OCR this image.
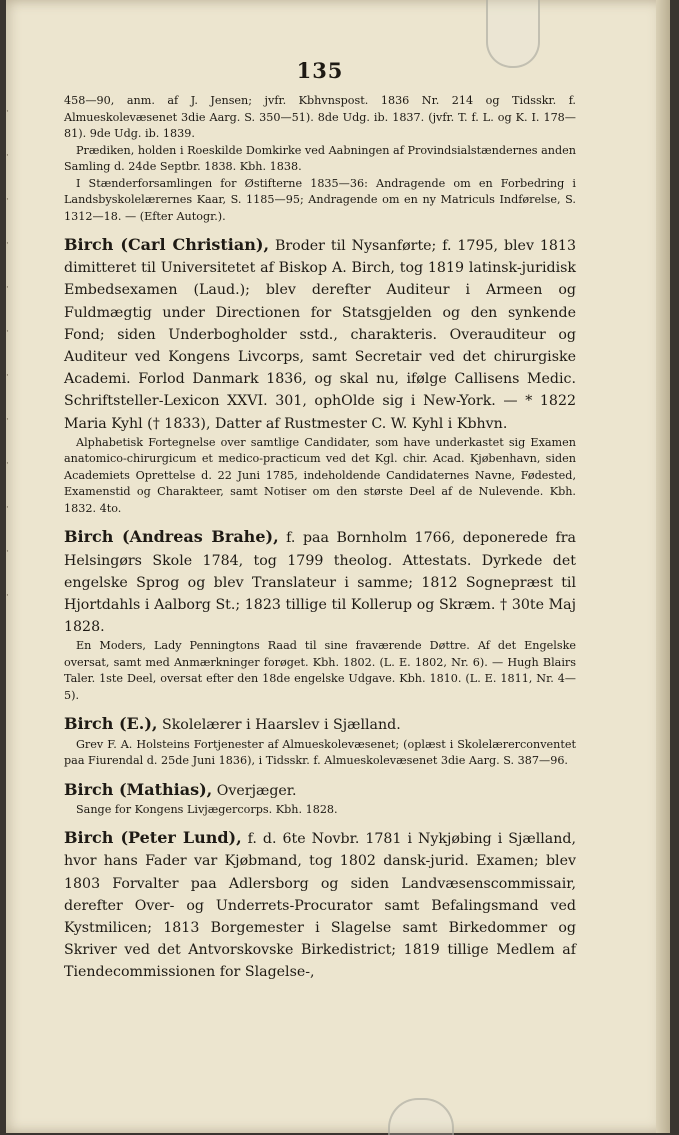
· · · · · · · · · · · ·
135

458—90, anm. af J. Jensen; jvfr. Kbhvnspost. 1836 Nr. 214 og Tidsskr. f. Almueskolevæsenet 3die Aarg. S. 350—51). 8de Udg. ib. 1837. (jvfr. T. f. L. og K. I. 178—81). 9de Udg. ib. 1839.

Prædiken, holden i Roeskilde Domkirke ved Aabningen af Provindsialstændernes anden Samling d. 24de Septbr. 1838. Kbh. 1838.

I Stænderforsamlingen for Østifterne 1835—36: Andragende om en Forbedring i Landsbyskolelærernes Kaar, S. 1185—95; Andragende om en ny Matriculs Indførelse, S. 1312—18. — (Efter Autogr.).

Birch (Carl Christian), Broder til Nysanførte; f. 1795, blev 1813 dimitteret til Universitetet af Biskop A. Birch, tog 1819 latinsk-juridisk Embedsexamen (Laud.); blev derefter Auditeur i Armeen og Fuldmægtig under Directionen for Statsgjelden og den synkende Fond; siden Underbogholder sstd., charakteris. Overauditeur og Auditeur ved Kongens Livcorps, samt Secretair ved det chirurgiske Academi. Forlod Danmark 1836, og skal nu, ifølge Callisens Medic. Schriftsteller-Lexicon XXVI. 301, ophOlde sig i New-York. — * 1822 Maria Kyhl († 1833), Datter af Rustmester C. W. Kyhl i Kbhvn.

Alphabetisk Fortegnelse over samtlige Candidater, som have underkastet sig Examen anatomico-chirurgicum et medico-practicum ved det Kgl. chir. Acad. Kjøbenhavn, siden Academiets Oprettelse d. 22 Juni 1785, indeholdende Candidaternes Navne, Fødested, Examenstid og Charakteer, samt Notiser om den største Deel af de Nulevende. Kbh. 1832. 4to.

Birch (Andreas Brahe), f. paa Bornholm 1766, deponerede fra Helsingørs Skole 1784, tog 1799 theolog. Attestats. Dyrkede det engelske Sprog og blev Translateur i samme; 1812 Sognepræst til Hjortdahls i Aalborg St.; 1823 tillige til Kollerup og Skræm. † 30te Maj 1828.

En Moders, Lady Penningtons Raad til sine fraværende Døttre. Af det Engelske oversat, samt med Anmærkninger forøget. Kbh. 1802. (L. E. 1802, Nr. 6). — Hugh Blairs Taler. 1ste Deel, oversat efter den 18de engelske Udgave. Kbh. 1810. (L. E. 1811, Nr. 4—5).

Birch (E.), Skolelærer i Haarslev i Sjælland.

Grev F. A. Holsteins Fortjenester af Almueskolevæsenet; (oplæst i Skolelærerconventet paa Fiurendal d. 25de Juni 1836), i Tidsskr. f. Almueskolevæsenet 3die Aarg. S. 387—96.

Birch (Mathias), Overjæger.

Sange for Kongens Livjægercorps. Kbh. 1828.

Birch (Peter Lund), f. d. 6te Novbr. 1781 i Nykjøbing i Sjælland, hvor hans Fader var Kjøbmand, tog 1802 dansk-jurid. Examen; blev 1803 Forvalter paa Adlersborg og siden Landvæsenscommissair, derefter Over- og Underrets-Procurator samt Befalingsmand ved Kystmilicen; 1813 Borgemester i Slagelse samt Birkedommer og Skriver ved det Antvorskovske Birkedistrict; 1819 tillige Medlem af Tiendecommissionen for Slagelse-,
